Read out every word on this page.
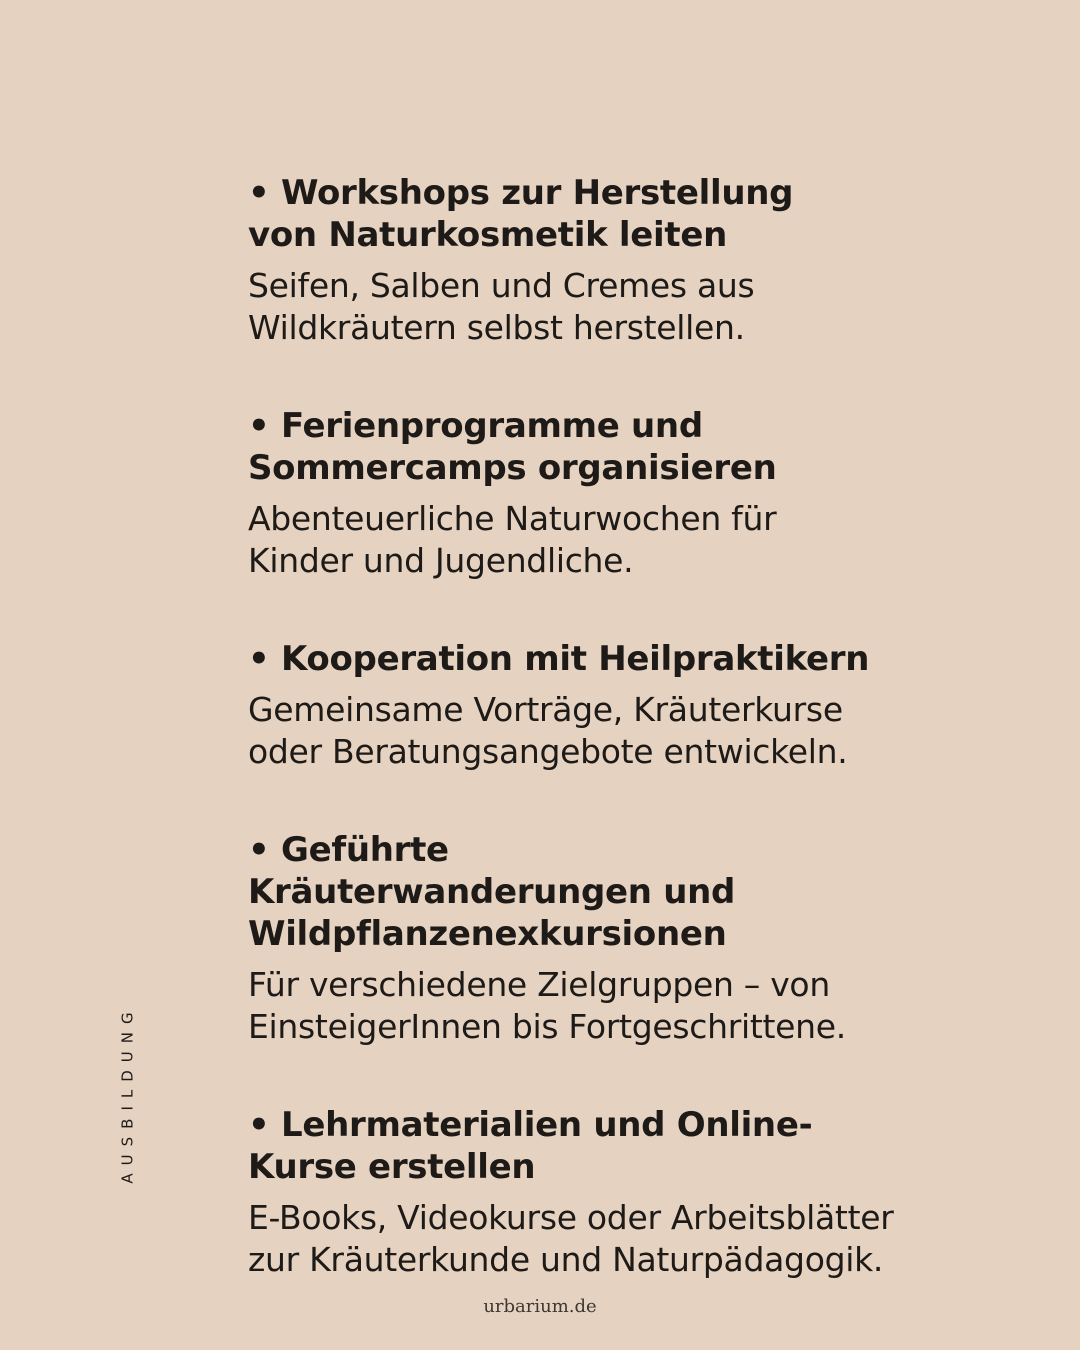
AUSBILDUNG

• Workshops zur Herstellung von Naturkosmetik leiten

Seifen, Salben und Cremes aus Wildkräutern selbst herstellen.

• Ferienprogramme und Sommercamps organisieren

Abenteuerliche Naturwochen für Kinder und Jugendliche.

• Kooperation mit Heilpraktikern

Gemeinsame Vorträge, Kräuterkurse oder Beratungsangebote entwickeln.

• Geführte Kräuterwanderungen und Wildpflanzenexkursionen

Für verschiedene Zielgruppen – von EinsteigerInnen bis Fortgeschrittene.

• Lehrmaterialien und Online-Kurse erstellen

E-Books, Videokurse oder Arbeitsblätter zur Kräuterkunde und Naturpädagogik.

urbarium.de
